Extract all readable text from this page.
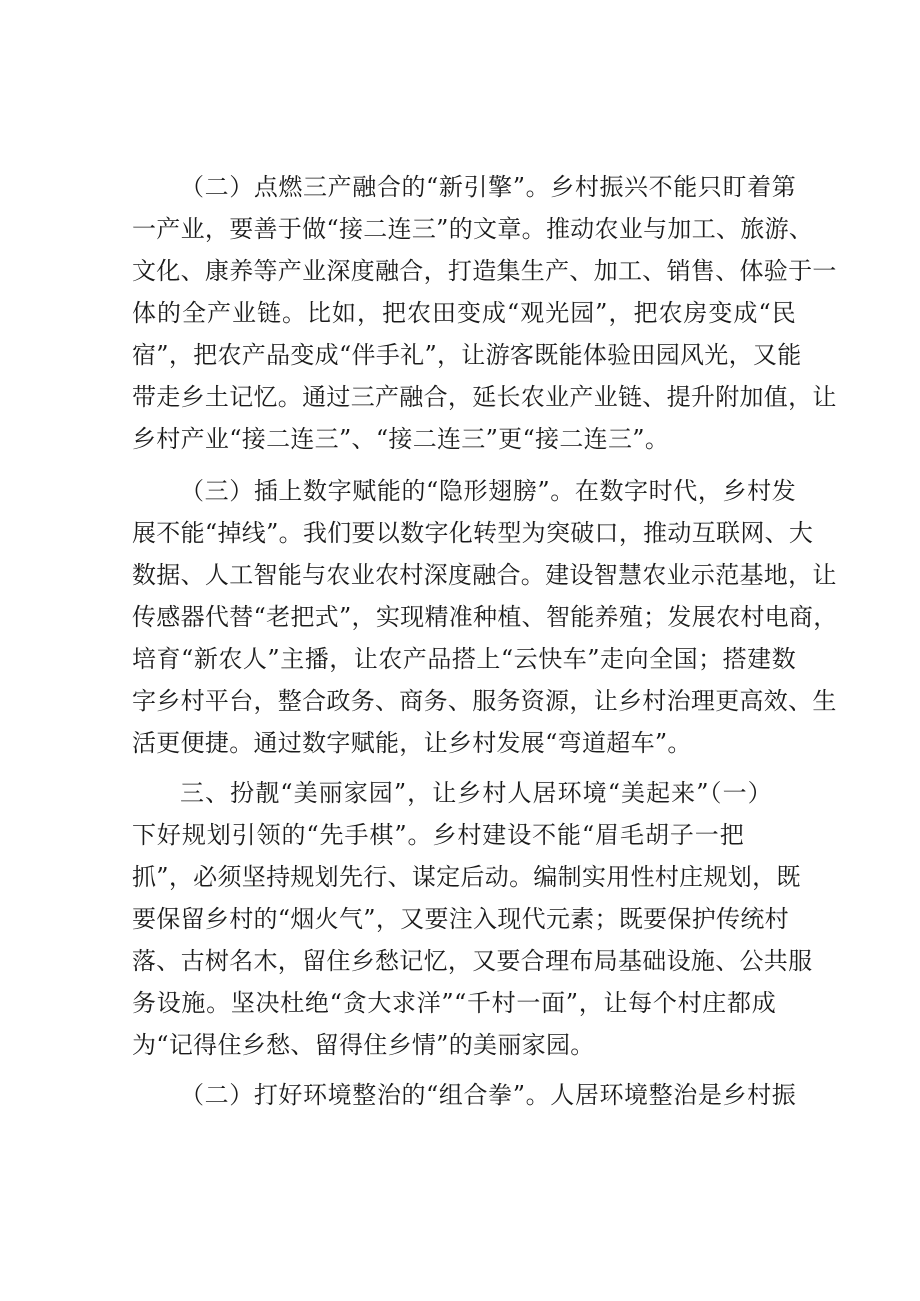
（二）点燃三产融合的“新引擎”。乡村振兴不能只盯着第
一产业，要善于做“接二连三”的文章。推动农业与加工、旅游、
文化、康养等产业深度融合，打造集生产、加工、销售、体验于一
体的全产业链。比如，把农田变成“观光园”，把农房变成“民
宿”，把农产品变成“伴手礼”，让游客既能体验田园风光，又能
带走乡土记忆。通过三产融合，延长农业产业链、提升附加值，让
乡村产业“接二连三”、“接二连三”更“接二连三”。
（三）插上数字赋能的“隐形翅膀”。在数字时代，乡村发
展不能“掉线”。我们要以数字化转型为突破口，推动互联网、大
数据、人工智能与农业农村深度融合。建设智慧农业示范基地，让
传感器代替“老把式”，实现精准种植、智能养殖；发展农村电商，
培育“新农人”主播，让农产品搭上“云快车”走向全国；搭建数
字乡村平台，整合政务、商务、服务资源，让乡村治理更高效、生
活更便捷。通过数字赋能，让乡村发展“弯道超车”。
三、扮靓“美丽家园”，让乡村人居环境“美起来”（一）
下好规划引领的“先手棋”。乡村建设不能“眉毛胡子一把
抓”，必须坚持规划先行、谋定后动。编制实用性村庄规划，既
要保留乡村的“烟火气”，又要注入现代元素；既要保护传统村
落、古树名木，留住乡愁记忆，又要合理布局基础设施、公共服
务设施。坚决杜绝“贪大求洋”“千村一面”，让每个村庄都成
为“记得住乡愁、留得住乡情”的美丽家园。
（二）打好环境整治的“组合拳”。人居环境整治是乡村振
